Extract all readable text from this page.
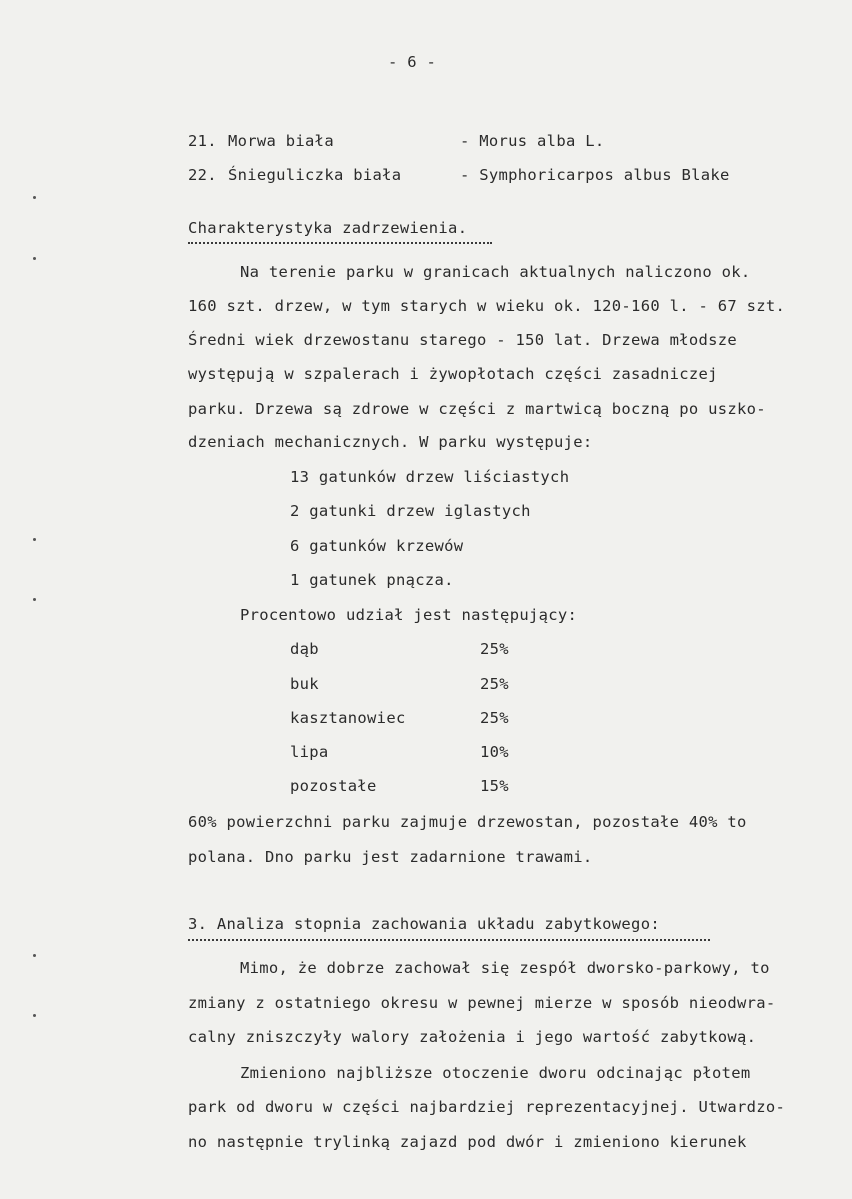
- 6 -
21. Morwa biała	- Morus alba L.
22. Śnieguliczka biała	- Symphoricarpos albus Blake
Charakterystyka zadrzewienia.
Na terenie parku w granicach aktualnych naliczono ok.
160 szt. drzew, w tym starych w wieku ok. 120-160 l. - 67 szt.
Średni wiek drzewostanu starego - 150 lat. Drzewa młodsze
występują w szpalerach i żywopłotach części zasadniczej
parku. Drzewa są zdrowe w części z martwicą boczną po uszko-
dzeniach mechanicznych. W parku występuje:
13 gatunków drzew liściastych
2 gatunki drzew iglastych
6 gatunków krzewów
1 gatunek pnącza.
Procentowo udział jest następujący:
dąb	25%
buk	25%
kasztanowiec	25%
lipa	10%
pozostałe	15%
60% powierzchni parku zajmuje drzewostan, pozostałe 40% to
polana. Dno parku jest zadarnione trawami.
3. Analiza stopnia zachowania układu zabytkowego:
Mimo, że dobrze zachował się zespół dworsko-parkowy, to
zmiany z ostatniego okresu w pewnej mierze w sposób nieodwra-
calny zniszczyły walory założenia i jego wartość zabytkową.
Zmieniono najbliższe otoczenie dworu odcinając płotem
park od dworu w części najbardziej reprezentacyjnej. Utwardzo-
no następnie trylinką zajazd pod dwór i zmieniono kierunek
